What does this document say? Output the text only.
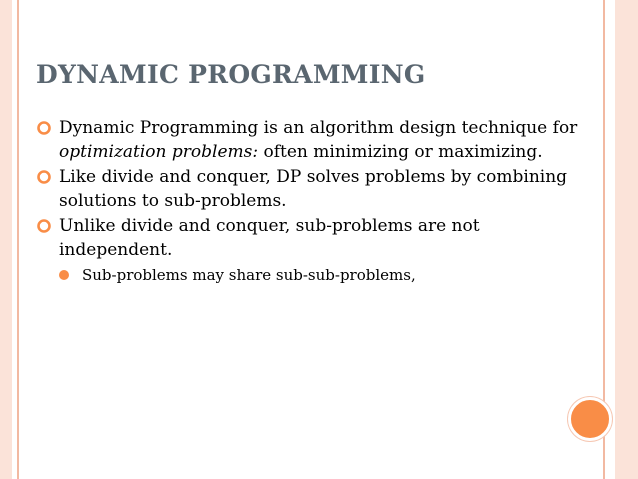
DYNAMIC PROGRAMMING
Dynamic Programming is an algorithm design technique for optimization problems: often minimizing or maximizing.
Like divide and conquer, DP solves problems by combining solutions to sub-problems.
Unlike divide and conquer, sub-problems are not independent.
Sub-problems may share sub-sub-problems,
